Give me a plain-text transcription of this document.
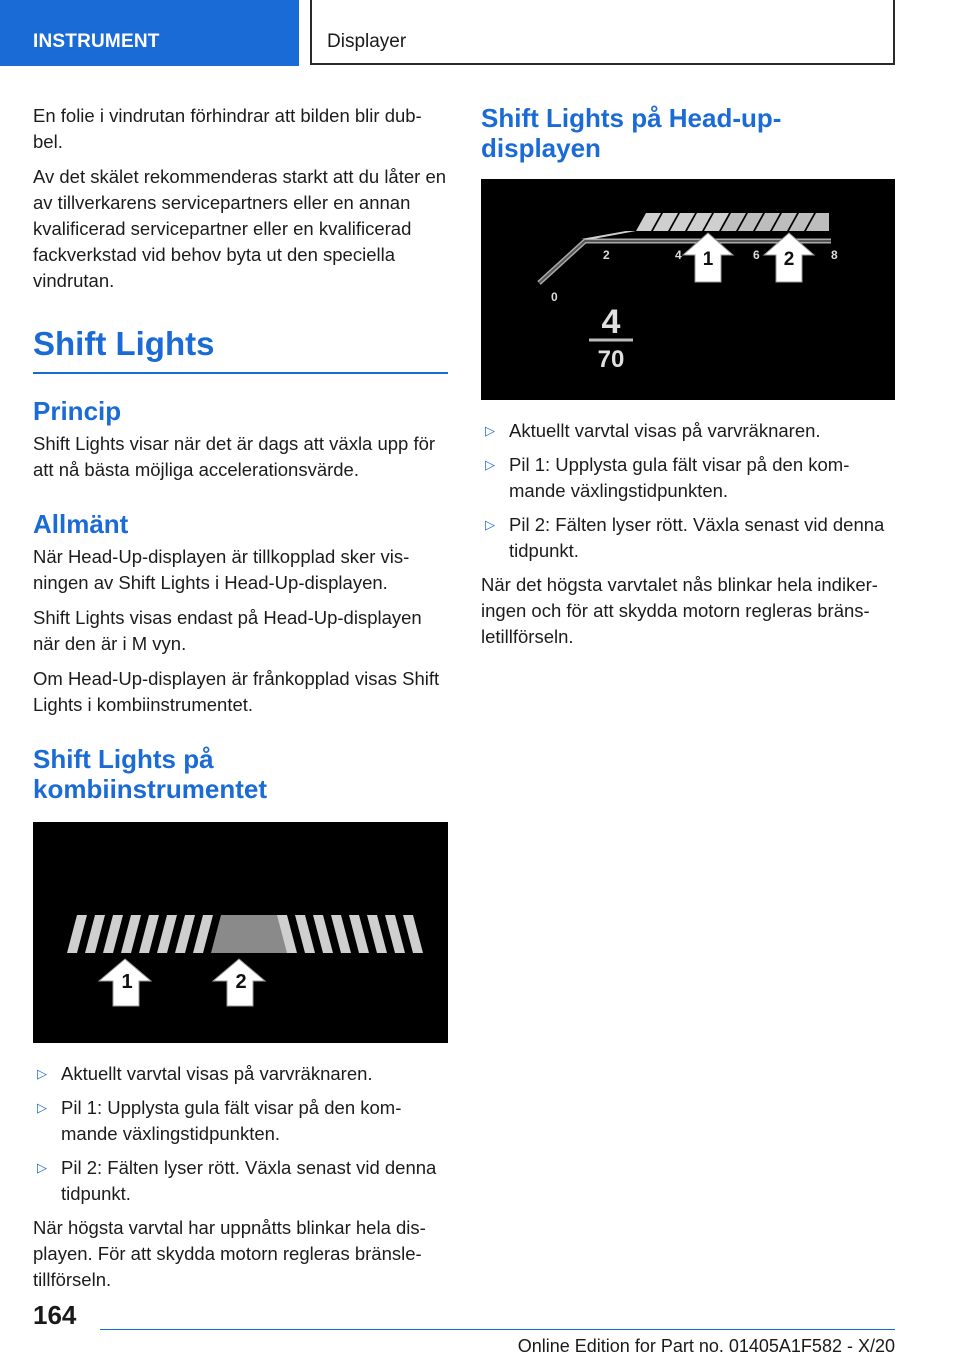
INSTRUMENT	Displayer

En folie i vindrutan förhindrar att bilden blir dub-bel.

Av det skälet rekommenderas starkt att du låter en av tillverkarens servicepartners eller en annan kvalificerad servicepartner eller en kvalificerad fackverkstad vid behov byta ut den speciella vindrutan.

Shift Lights
Princip

Shift Lights visar när det är dags att växla upp för att nå bästa möjliga accelerationsvärde.

Allmänt

När Head-Up-displayen är tillkopplad sker vis-ningen av Shift Lights i Head-Up-displayen.

Shift Lights visas endast på Head-Up-displayen när den är i M vyn.

Om Head-Up-displayen är frånkopplad visas Shift Lights i kombiinstrumentet.

Shift Lights på kombiinstrumentet
1	2
▷ Aktuellt varvtal visas på varvräknaren.
▷ Pil 1: Upplysta gula fält visar på den kom-mande växlingstidpunkten.
▷ Pil 2: Fälten lyser rött. Växla senast vid denna tidpunkt.

När högsta varvtal har uppnåtts blinkar hela dis-playen. För att skydda motorn regleras bränsle-tillförseln.

Shift Lights på Head-up-displayen
0
2	4	6	8
1	2
4
70
▷ Aktuellt varvtal visas på varvräknaren.
▷ Pil 1: Upplysta gula fält visar på den kom-mande växlingstidpunkten.
▷ Pil 2: Fälten lyser rött. Växla senast vid denna tidpunkt.

När det högsta varvtalet nås blinkar hela indiker-ingen och för att skydda motorn regleras bräns-letillförseln.

164
Online Edition for Part no. 01405A1F582 - X/20
